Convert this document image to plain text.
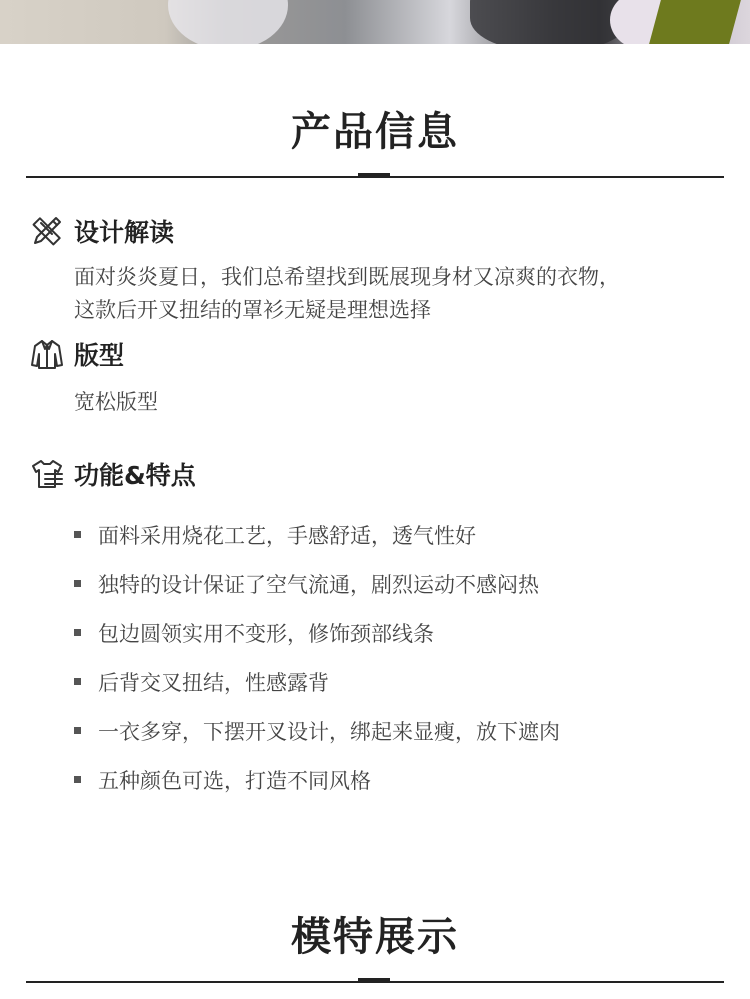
产品信息
设计解读
面对炎炎夏日，我们总希望找到既展现身材又凉爽的衣物，
这款后开叉扭结的罩衫无疑是理想选择
版型
宽松版型
功能&特点
面料采用烧花工艺，手感舒适，透气性好
独特的设计保证了空气流通，剧烈运动不感闷热
包边圆领实用不变形，修饰颈部线条
后背交叉扭结，性感露背
一衣多穿，下摆开叉设计，绑起来显瘦，放下遮肉
五种颜色可选，打造不同风格
模特展示
